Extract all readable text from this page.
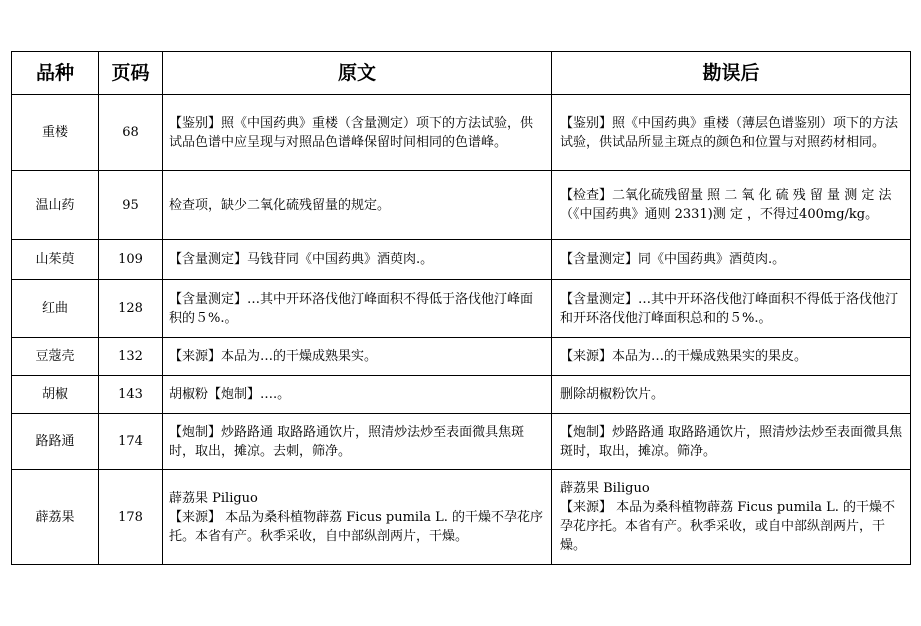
品种	页码	原文	勘误后
重楼	68	【鉴别】照《中国药典》重楼（含量测定）项下的方法试验，供试品色谱中应呈现与对照品色谱峰保留时间相同的色谱峰。	【鉴别】照《中国药典》重楼（薄层色谱鉴别）项下的方法试验，供试品所显主斑点的颜色和位置与对照药材相同。

温山药	95	检查项，缺少二氧化硫残留量的规定。	【检查】二氧化硫残留量 照 二 氧 化 硫 残 留 量 测 定 法 （《中国药典》通则 2331)测 定 ，不得过400mg/kg。

山茱萸	109	【含量测定】马钱苷同《中国药典》酒萸肉.。	【含量测定】同《中国药典》酒萸肉.。

红曲	128	【含量测定】…其中开环洛伐他汀峰面积不得低于洛伐他汀峰面积的５%.。	【含量测定】…其中开环洛伐他汀峰面积不得低于洛伐他汀和开环洛伐他汀峰面积总和的５%.。

豆蔻壳	132	【来源】本品为…的干燥成熟果实。	【来源】本品为…的干燥成熟果实的果皮。

胡椒	143	胡椒粉【炮制】….。	删除胡椒粉饮片。

路路通	174	【炮制】炒路路通 取路路通饮片，照清炒法炒至表面微具焦斑时，取出，摊凉。去刺，筛净。	【炮制】炒路路通 取路路通饮片，照清炒法炒至表面微具焦斑时，取出，摊凉。筛净。

薜荔果	178	薜荔果 Piliguo
【来源】 本品为桑科植物薜荔 Ficus pumila L. 的干燥不孕花序托。本省有产。秋季采收，自中部纵剖两片，干燥。	薜荔果 Biliguo
【来源】 本品为桑科植物薜荔 Ficus pumila L. 的干燥不孕花序托。本省有产。秋季采收，或自中部纵剖两片，干燥。
